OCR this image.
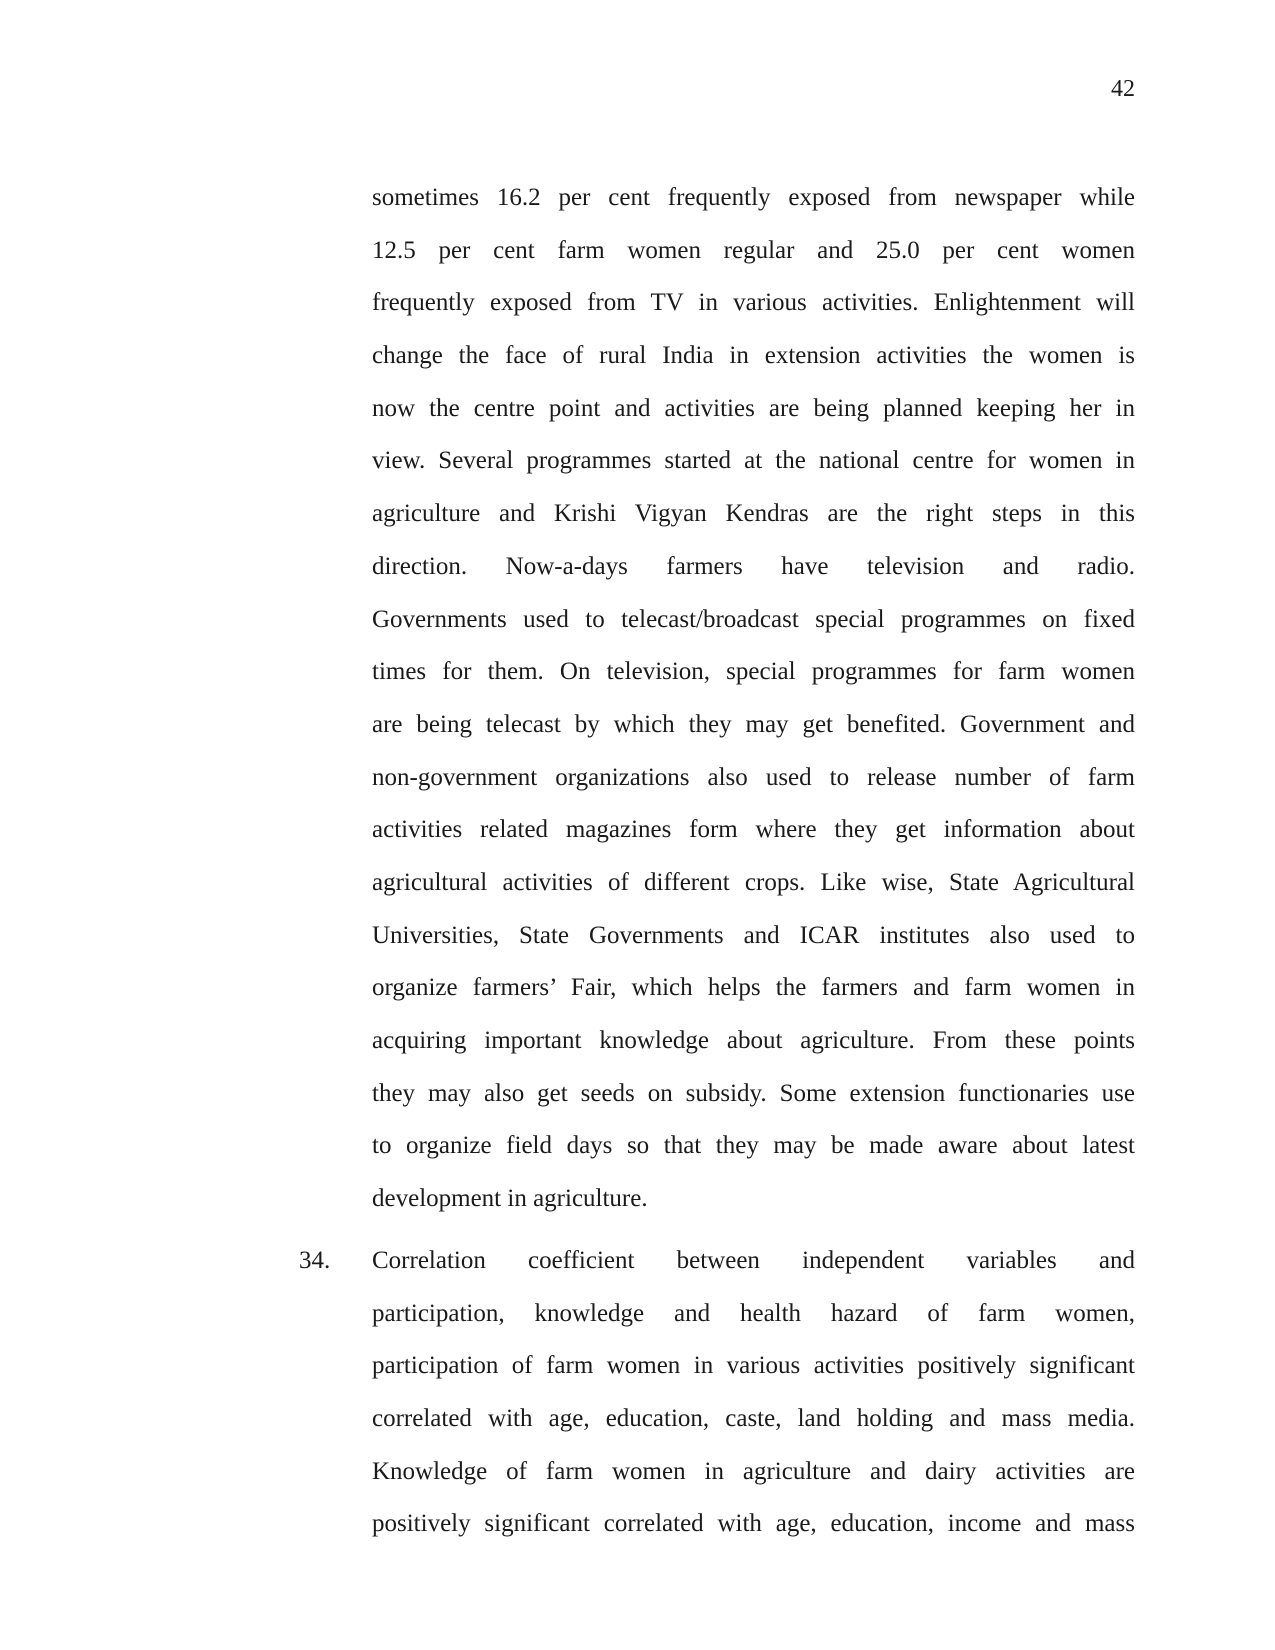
42
sometimes 16.2 per cent frequently exposed from newspaper while
12.5 per cent farm women regular and 25.0 per cent women
frequently exposed from TV in various activities. Enlightenment will
change the face of rural India in extension activities the women is
now the centre point and activities are being planned keeping her in
view. Several programmes started at the national centre for women in
agriculture and Krishi Vigyan Kendras are the right steps in this
direction. Now-a-days farmers have television and radio.
Governments used to telecast/broadcast special programmes on fixed
times for them. On television, special programmes for farm women
are being telecast by which they may get benefited. Government and
non-government organizations also used to release number of farm
activities related magazines form where they get information about
agricultural activities of different crops. Like wise, State Agricultural
Universities, State Governments and ICAR institutes also used to
organize farmers’ Fair, which helps the farmers and farm women in
acquiring important knowledge about agriculture. From these points
they may also get seeds on subsidy. Some extension functionaries use
to organize field days so that they may be made aware about latest
development in agriculture.
34. Correlation coefficient between independent variables and
participation, knowledge and health hazard of farm women,
participation of farm women in various activities positively significant
correlated with age, education, caste, land holding and mass media.
Knowledge of farm women in agriculture and dairy activities are
positively significant correlated with age, education, income and mass
